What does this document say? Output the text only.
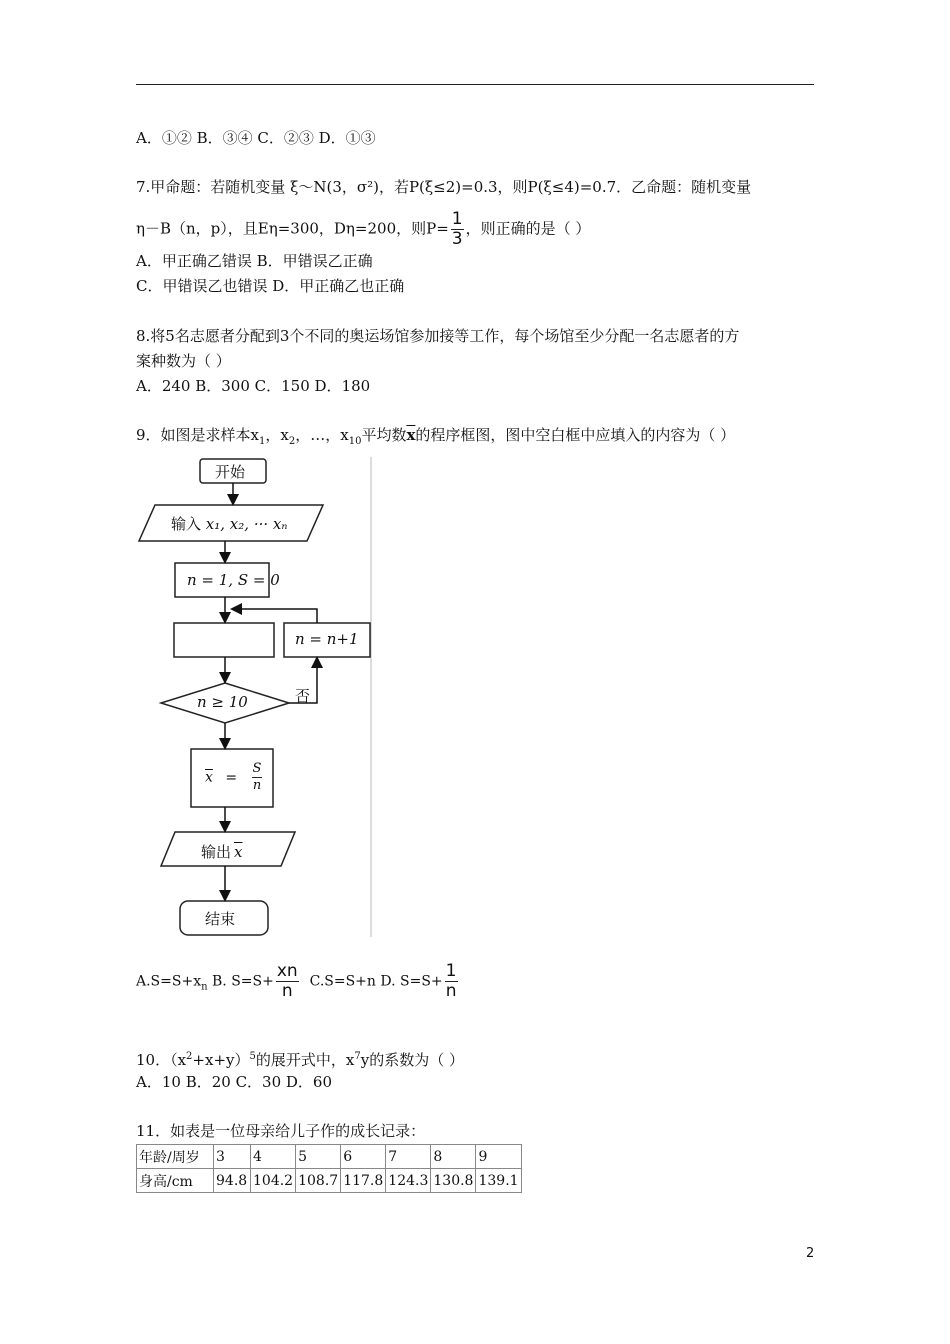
A．①② B．③④ C．②③ D．①③
7.甲命题：若随机变量 ξ～N(3，σ²)，若P(ξ≤2)=0.3，则P(ξ≤4)=0.7．乙命题：随机变量
η－B（n，p），且Eη=300，Dη=200，则$P= \frac{1}{3}$ ，则正确的是（ ）
A．甲正确乙错误 B．甲错误乙正确
C．甲错误乙也错误 D．甲正确乙也正确
8.将5名志愿者分配到3个不同的奥运场馆参加接等工作，每个场馆至少分配一名志愿者的方
案种数为（ ）
A．240 B．300 C．150 D．180
9．如图是求样本$x_1$，$x_2$，…，$x_{10}$平均数$\overline{x}$的程序框图，图中空白框中应填入的内容为（ ）
开始
输入 x₁, x₂, ··· xₙ
n = 1, S = 0
n = n+1
n ≥ 10	否
$\overline{x} = \frac{S}{n}$
输出 $\overline{x}$
结束
$A.S=S+x_n$ B. $S=S+ \frac{xn}{n} C.S=S+n$ D. $S=S+ \frac{1}{n}$
10．$(x^2+x+y)^5$的展开式中，$x^7y$的系数为（ ）
A．10 B．20 C．30 D．60
11．如表是一位母亲给儿子作的成长记录：
年龄/周岁	3	4	5	6	7	8	9
身高/cm	94.8	104.2	108.7	117.8	124.3	130.8	139.1
2
